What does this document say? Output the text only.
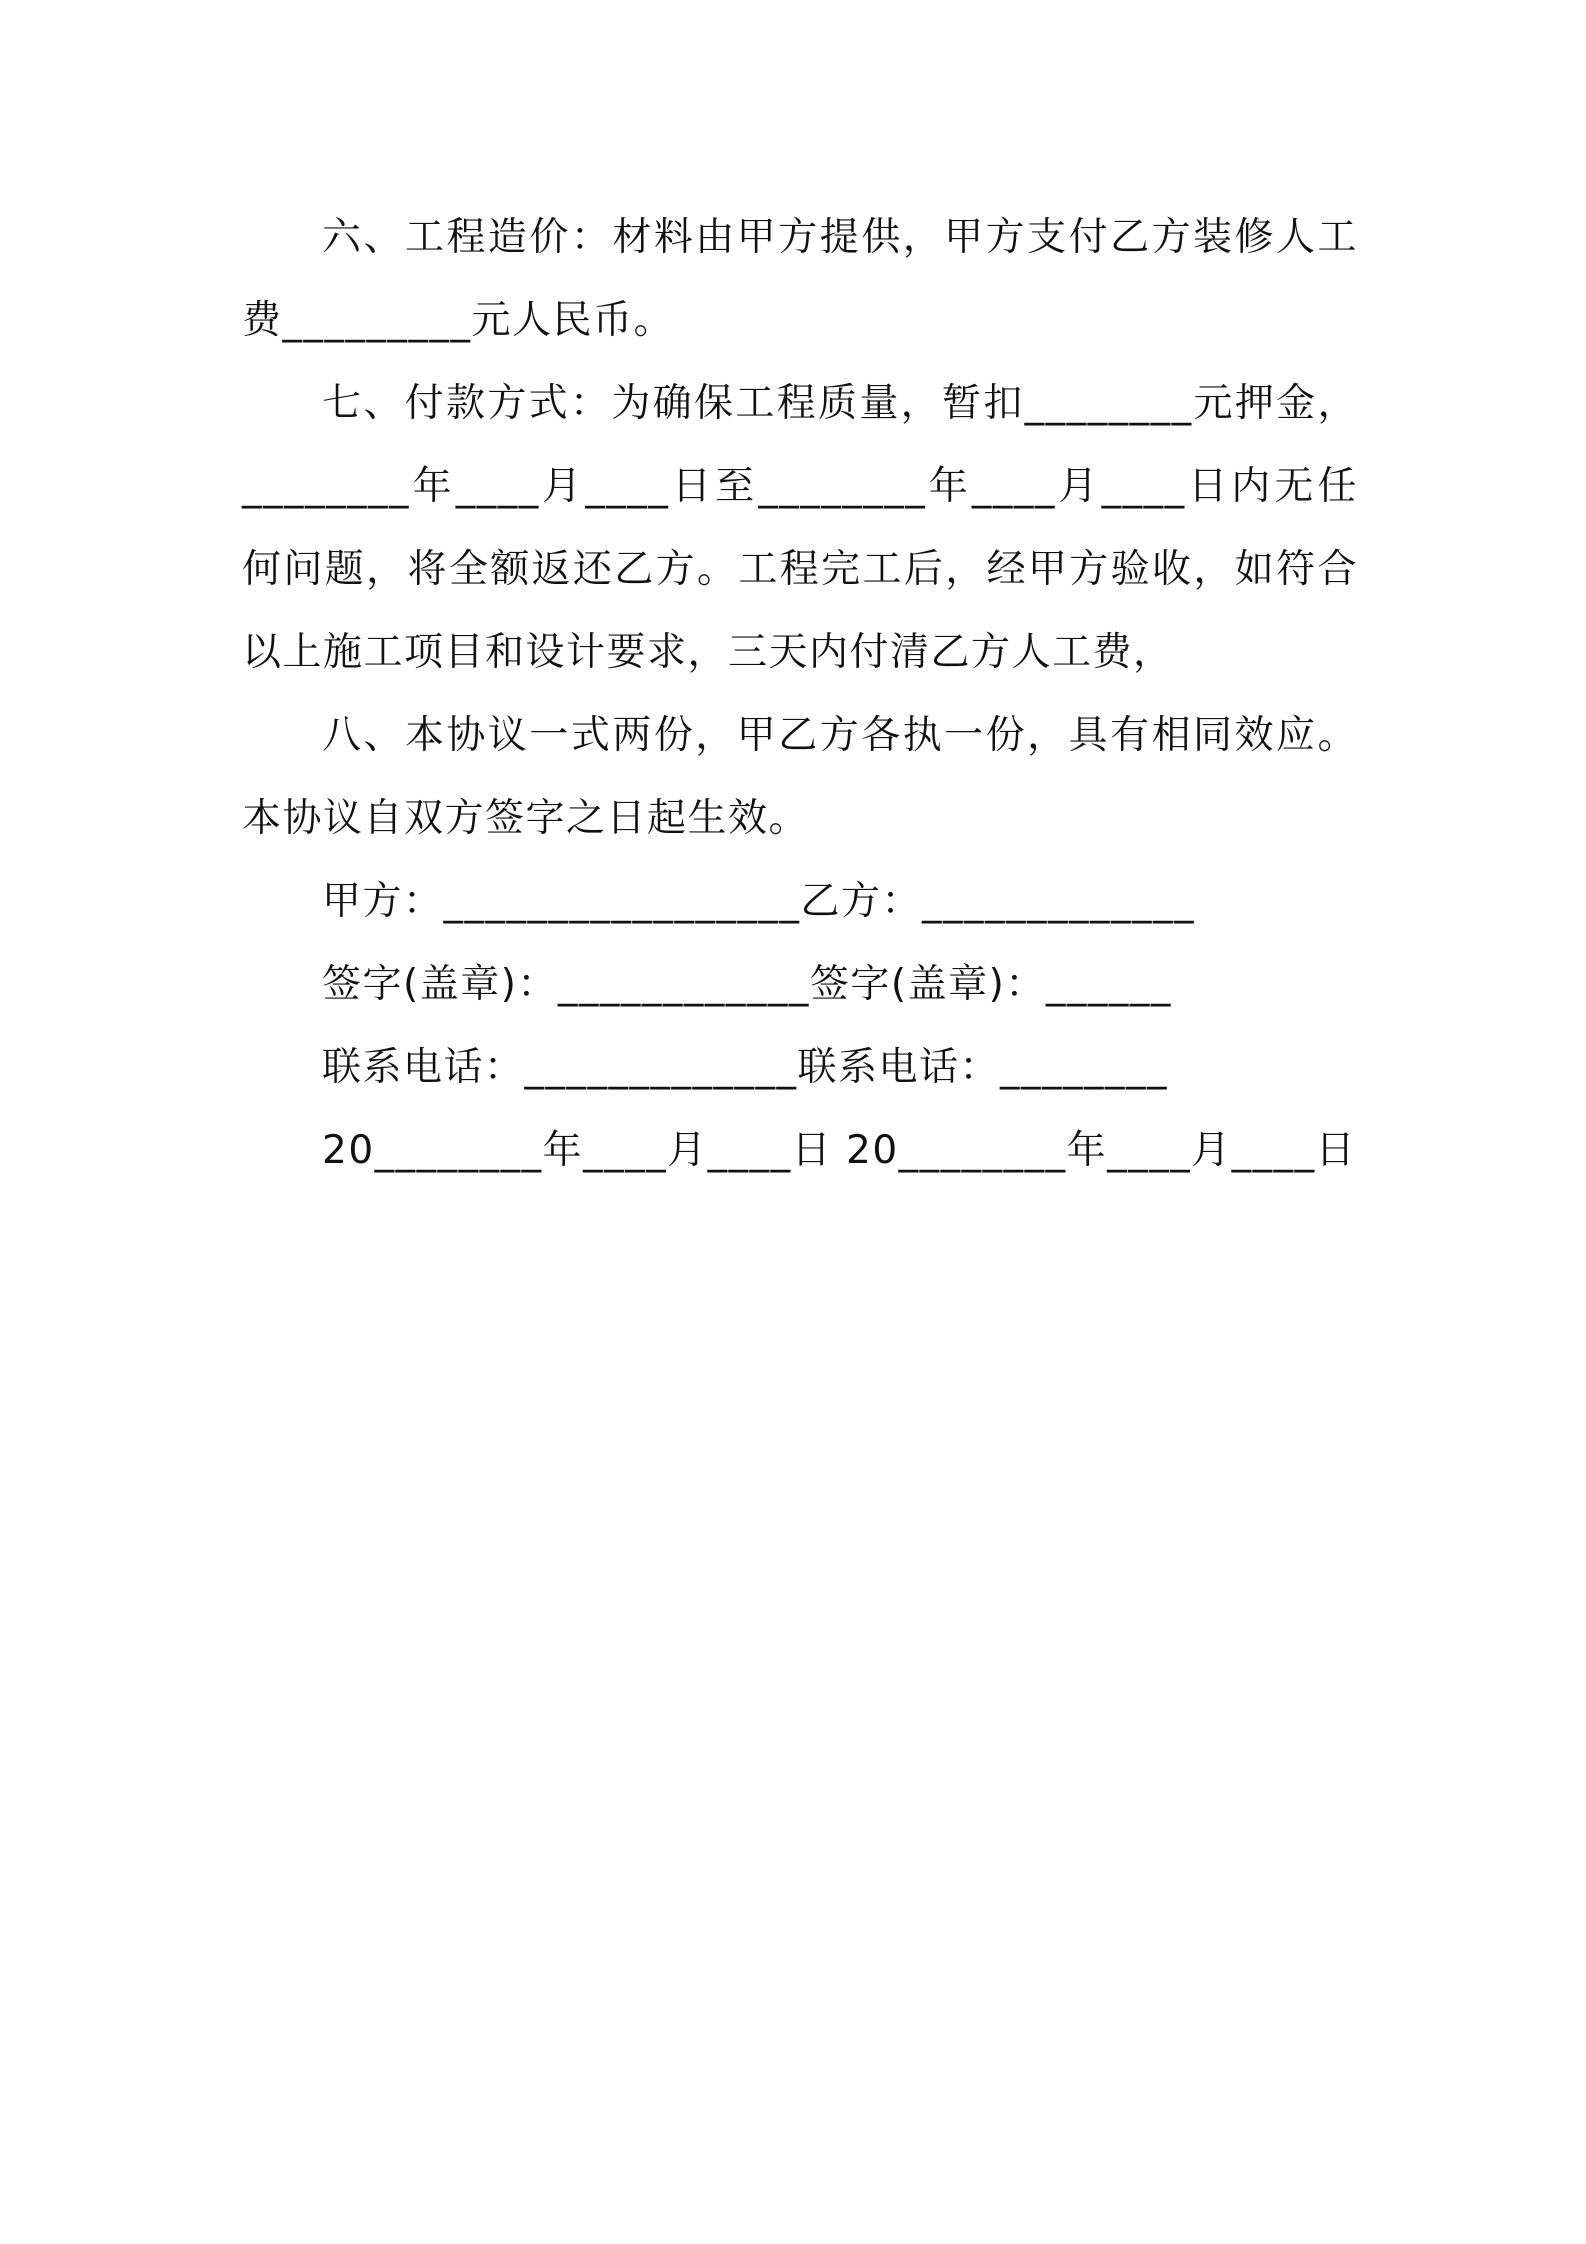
六、工程造价：材料由甲方提供，甲方支付乙方装修人工费_________元人民币。

七、付款方式：为确保工程质量，暂扣________元押金，________年____月____日至________年____月____日内无任何问题，将全额返还乙方。工程完工后，经甲方验收，如符合以上施工项目和设计要求，三天内付清乙方人工费，

八、本协议一式两份，甲乙方各执一份，具有相同效应。本协议自双方签字之日起生效。

甲方：_________________乙方：_____________

签字(盖章)：____________签字(盖章)：______

联系电话：_____________联系电话：________

20________年____月____日 20________年____月____日
